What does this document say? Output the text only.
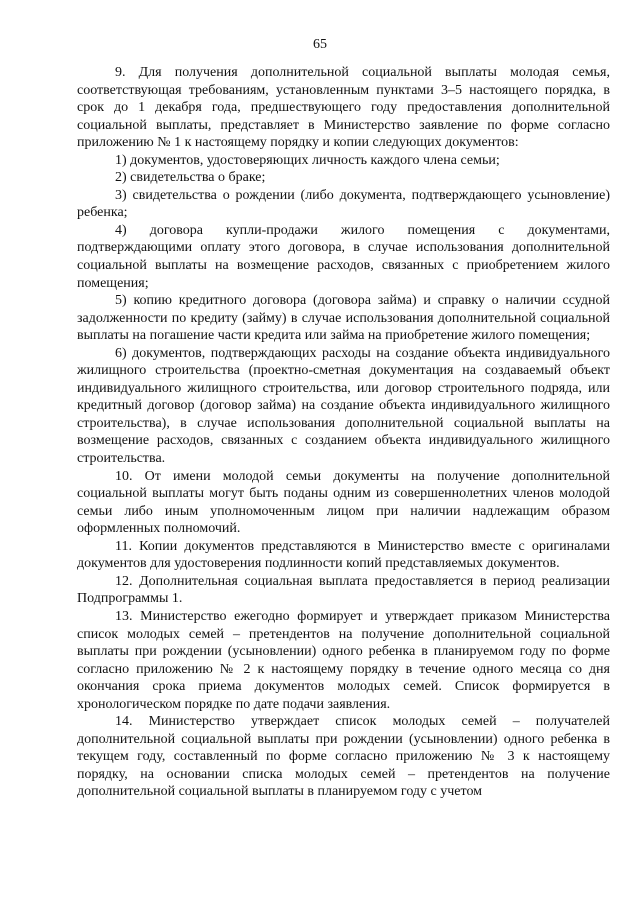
65

9. Для получения дополнительной социальной выплаты молодая семья, соответствующая требованиям, установленным пунктами 3–5 настоящего порядка, в срок до 1 декабря года, предшествующего году предоставления дополнительной социальной выплаты, представляет в Министерство заявление по форме согласно приложению № 1 к настоящему порядку и копии следующих документов:

1) документов, удостоверяющих личность каждого члена семьи;

2) свидетельства о браке;

3) свидетельства о рождении (либо документа, подтверждающего усыновление) ребенка;

4) договора купли-продажи жилого помещения с документами, подтверждающими оплату этого договора, в случае использования дополнительной социальной выплаты на возмещение расходов, связанных с приобретением жилого помещения;

5) копию кредитного договора (договора займа) и справку о наличии ссудной задолженности по кредиту (займу) в случае использования дополнительной социальной выплаты на погашение части кредита или займа на приобретение жилого помещения;

6) документов, подтверждающих расходы на создание объекта индивидуального жилищного строительства (проектно-сметная документация на создаваемый объект индивидуального жилищного строительства, или договор строительного подряда, или кредитный договор (договор займа) на создание объекта индивидуального жилищного строительства), в случае использования дополнительной социальной выплаты на возмещение расходов, связанных с созданием объекта индивидуального жилищного строительства.

10. От имени молодой семьи документы на получение дополнительной социальной выплаты могут быть поданы одним из совершеннолетних членов молодой семьи либо иным уполномоченным лицом при наличии надлежащим образом оформленных полномочий.

11. Копии документов представляются в Министерство вместе с оригиналами документов для удостоверения подлинности копий представляемых документов.

12. Дополнительная социальная выплата предоставляется в период реализации Подпрограммы 1.

13. Министерство ежегодно формирует и утверждает приказом Министерства список молодых семей – претендентов на получение дополнительной социальной выплаты при рождении (усыновлении) одного ребенка в планируемом году по форме согласно приложению № 2 к настоящему порядку в течение одного месяца со дня окончания срока приема документов молодых семей. Список формируется в хронологическом порядке по дате подачи заявления.

14. Министерство утверждает список молодых семей – получателей дополнительной социальной выплаты при рождении (усыновлении) одного ребенка в текущем году, составленный по форме согласно приложению № 3 к настоящему порядку, на основании списка молодых семей – претендентов на получение дополнительной социальной выплаты в планируемом году с учетом
